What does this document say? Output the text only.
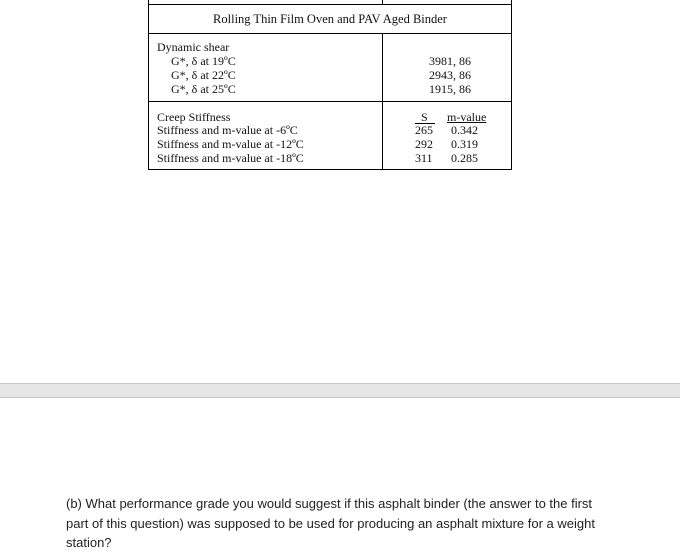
Rolling Thin Film Oven and PAV Aged Binder
Dynamic shear
G*, δ at 19ºC
G*, δ at 22ºC
G*, δ at 25ºC
3981, 86
2943, 86
1915, 86
Creep Stiffness
Stiffness and m-value at -6ºC
Stiffness and m-value at -12ºC
Stiffness and m-value at -18ºC
S m-value
265
292
311
0.342
0.319
0.285
(b) What performance grade you would suggest if this asphalt binder (the answer to the first
part of this question) was supposed to be used for producing an asphalt mixture for a weight
station?
